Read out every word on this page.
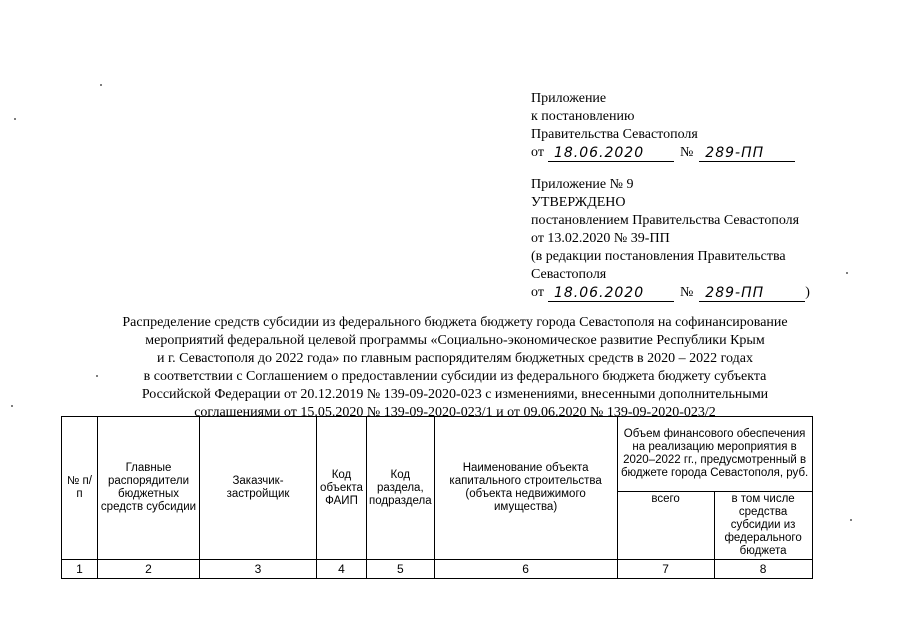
Приложение
к постановлению
Правительства Севастополя
от 18.06.2020	№ 289-ПП
Приложение № 9
УТВЕРЖДЕНО
постановлением Правительства Севастополя
от 13.02.2020 № 39-ПП
(в редакции постановления Правительства
Севастополя
от 18.06.2020	№ 289-ПП	)
Распределение средств субсидии из федерального бюджета бюджету города Севастополя на софинансирование
мероприятий федеральной целевой программы «Социально-экономическое развитие Республики Крым
и г. Севастополя до 2022 года» по главным распорядителям бюджетных средств в 2020 – 2022 годах
в соответствии с Соглашением о предоставлении субсидии из федерального бюджета бюджету субъекта
Российской Федерации от 20.12.2019 № 139-09-2020-023 с изменениями, внесенными дополнительными
соглашениями от 15.05.2020 № 139-09-2020-023/1 и от 09.06.2020 № 139-09-2020-023/2
№ п/п	Главные распорядители бюджетных средств субсидии	Заказчик-застройщик	Код объекта ФАИП	Код раздела, подраздела	Наименование объекта капитального строительства (объекта недвижимого имущества)	Объем финансового обеспечения на реализацию мероприятия в 2020–2022 гг., предусмотренный в бюджете города Севастополя, руб.	
						всего	в том числе средства субсидии из федерального бюджета
1	2	3	4	5	6	7	8
